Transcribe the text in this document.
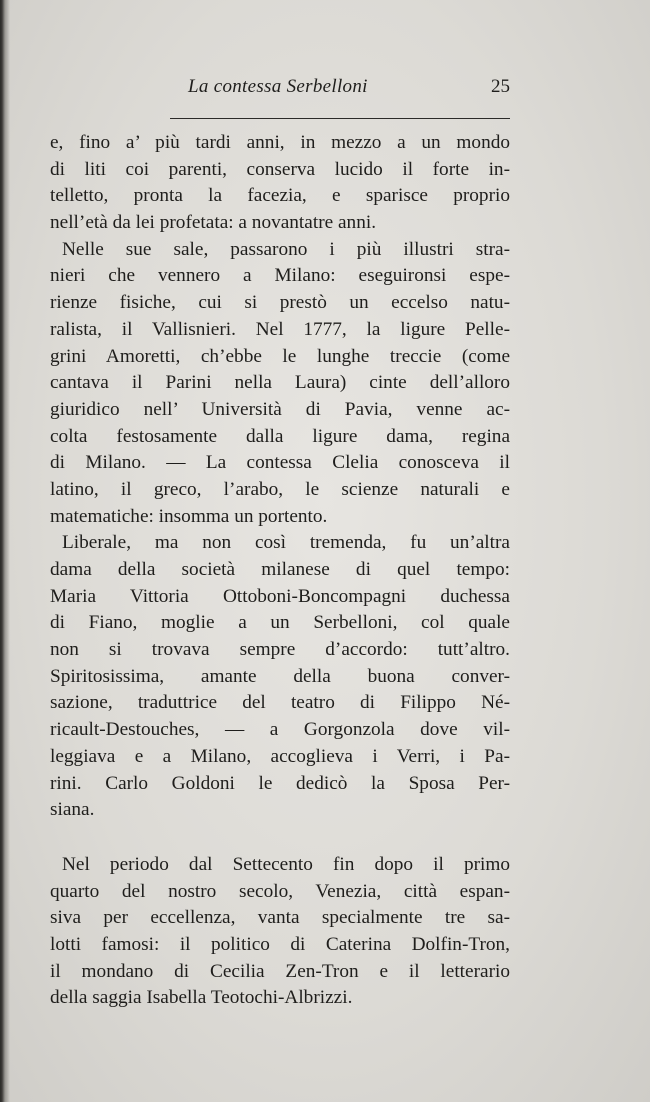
La contessa Serbelloni	25
e, fino a’ più tardi anni, in mezzo a un mondo
di liti coi parenti, conserva lucido il forte in-
telletto, pronta la facezia, e sparisce proprio
nell’età da lei profetata: a novantatre anni.
Nelle sue sale, passarono i più illustri stra-
nieri che vennero a Milano: eseguironsi espe-
rienze fisiche, cui si prestò un eccelso natu-
ralista, il Vallisnieri. Nel 1777, la ligure Pelle-
grini Amoretti, ch’ebbe le lunghe treccie (come
cantava il Parini nella Laura) cinte dell’alloro
giuridico nell’ Università di Pavia, venne ac-
colta festosamente dalla ligure dama, regina
di Milano. — La contessa Clelia conosceva il
latino, il greco, l’arabo, le scienze naturali e
matematiche: insomma un portento.
Liberale, ma non così tremenda, fu un’altra
dama della società milanese di quel tempo:
Maria Vittoria Ottoboni-Boncompagni duchessa
di Fiano, moglie a un Serbelloni, col quale
non si trovava sempre d’accordo: tutt’altro.
Spiritosissima, amante della buona conver-
sazione, traduttrice del teatro di Filippo Né-
ricault-Destouches, — a Gorgonzola dove vil-
leggiava e a Milano, accoglieva i Verri, i Pa-
rini. Carlo Goldoni le dedicò la Sposa Per-
siana.
Nel periodo dal Settecento fin dopo il primo
quarto del nostro secolo, Venezia, città espan-
siva per eccellenza, vanta specialmente tre sa-
lotti famosi: il politico di Caterina Dolfin-Tron,
il mondano di Cecilia Zen-Tron e il letterario
della saggia Isabella Teotochi-Albrizzi.
